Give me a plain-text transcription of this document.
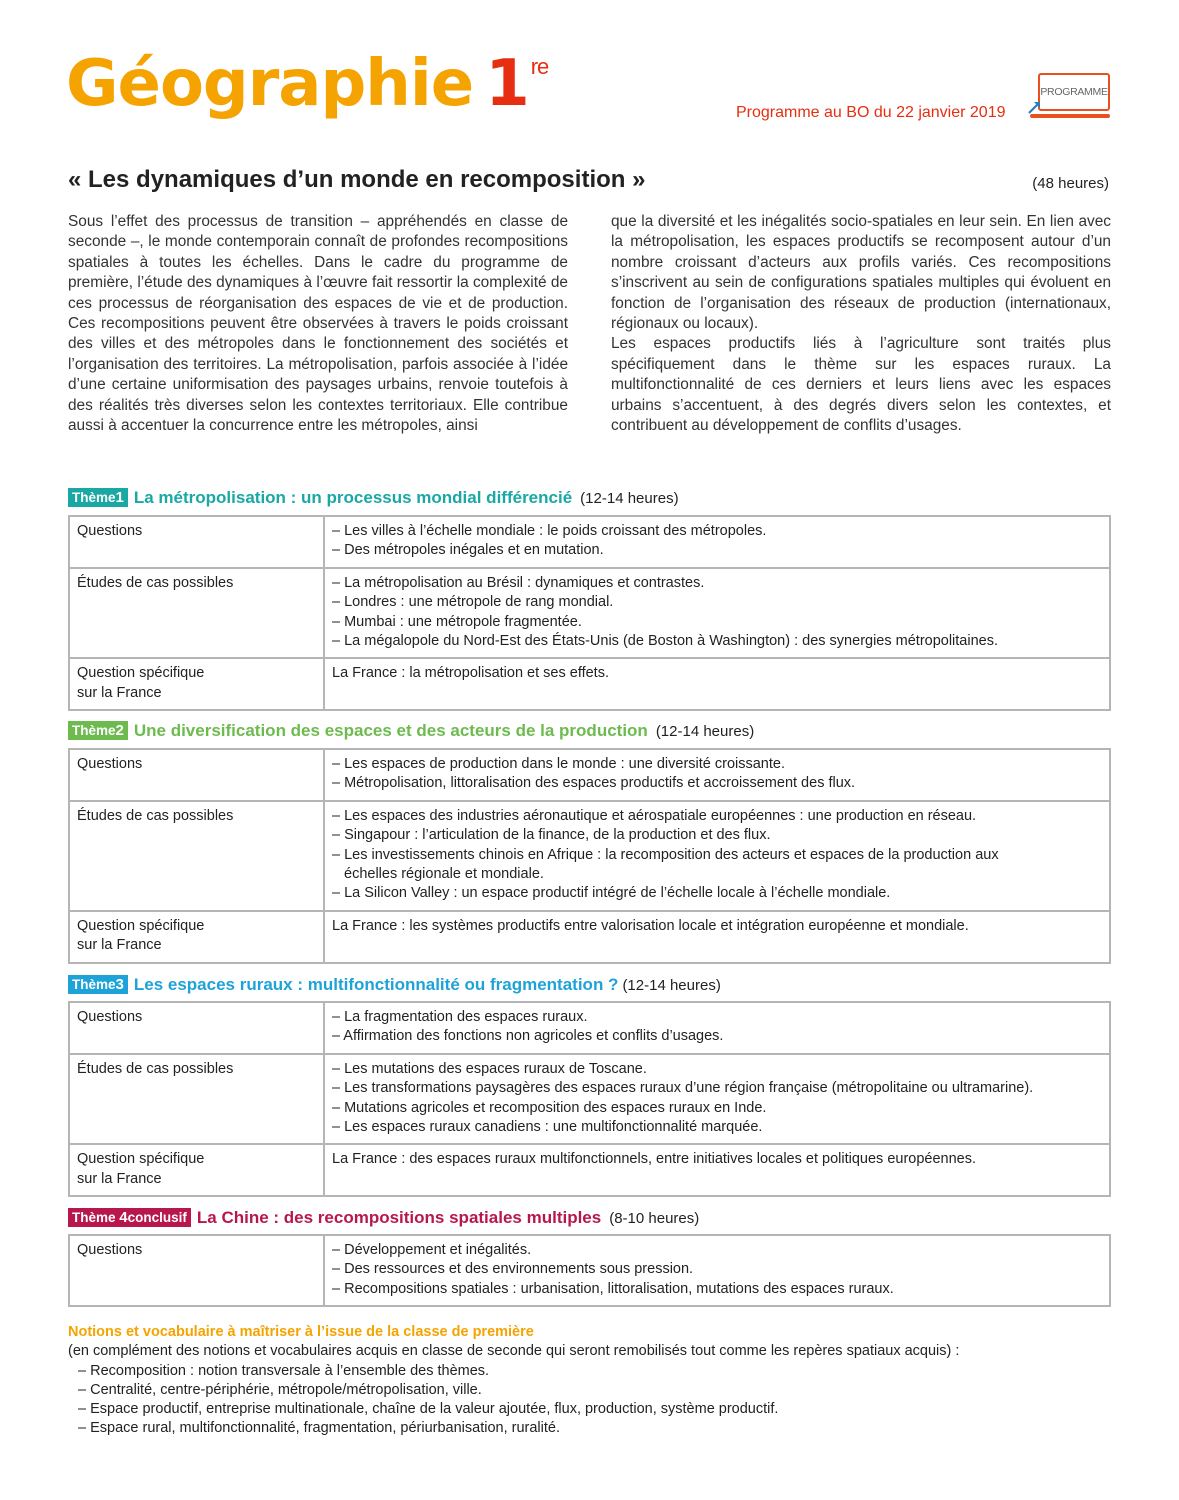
Géographie 1re
Programme au BO du 22 janvier 2019
PROGRAMME
« Les dynamiques d’un monde en recomposition »	(48 heures)

Sous l’effet des processus de transition – appréhendés en classe de seconde –, le monde contemporain connaît de profondes recompositions spatiales à toutes les échelles. Dans le cadre du programme de première, l’étude des dynamiques à l’œuvre fait ressortir la complexité de ces processus de réorganisation des espaces de vie et de production. Ces recompositions peuvent être observées à travers le poids croissant des villes et des métropoles dans le fonctionnement des sociétés et l’organisation des territoires. La métropolisation, parfois associée à l’idée d’une certaine uniformisation des paysages urbains, renvoie toutefois à des réalités très diverses selon les contextes territoriaux. Elle contribue aussi à accentuer la concurrence entre les métropoles, ainsi

que la diversité et les inégalités socio-spatiales en leur sein. En lien avec la métropolisation, les espaces productifs se recomposent autour d’un nombre croissant d’acteurs aux profils variés. Ces recompositions s’inscrivent au sein de configurations spatiales multiples qui évoluent en fonction de l’organisation des réseaux de production (internationaux, régionaux ou locaux).

Les espaces productifs liés à l’agriculture sont traités plus spécifiquement dans le thème sur les espaces ruraux. La multifonctionnalité de ces derniers et leurs liens avec les espaces urbains s’accentuent, à des degrés divers selon les contextes, et contribuent au développement de conflits d’usages.

Thème1 La métropolisation : un processus mondial différencié (12-14 heures)
Questions	– Les villes à l’échelle mondiale : le poids croissant des métropoles.
– Des métropoles inégales et en mutation.

Études de cas possibles	– La métropolisation au Brésil : dynamiques et contrastes.
– Londres : une métropole de rang mondial.
– Mumbai : une métropole fragmentée.
– La mégalopole du Nord-Est des États-Unis (de Boston à Washington) : des synergies métropolitaines.

Question spécifique
sur la France	La France : la métropolisation et ses effets.
Thème2 Une diversification des espaces et des acteurs de la production (12-14 heures)
Questions	– Les espaces de production dans le monde : une diversité croissante.
– Métropolisation, littoralisation des espaces productifs et accroissement des flux.

Études de cas possibles	– Les espaces des industries aéronautique et aérospatiale européennes : une production en réseau.
– Singapour : l’articulation de la finance, de la production et des flux.
– Les investissements chinois en Afrique : la recomposition des acteurs et espaces de la production aux échelles régionale et mondiale.
– La Silicon Valley : un espace productif intégré de l’échelle locale à l’échelle mondiale.

Question spécifique
sur la France	La France : les systèmes productifs entre valorisation locale et intégration européenne et mondiale.
Thème3 Les espaces ruraux : multifonctionnalité ou fragmentation ? (12-14 heures)
Questions	– La fragmentation des espaces ruraux.
– Affirmation des fonctions non agricoles et conflits d’usages.

Études de cas possibles	– Les mutations des espaces ruraux de Toscane.
– Les transformations paysagères des espaces ruraux d’une région française (métropolitaine ou ultramarine).
– Mutations agricoles et recomposition des espaces ruraux en Inde.
– Les espaces ruraux canadiens : une multifonctionnalité marquée.

Question spécifique
sur la France	La France : des espaces ruraux multifonctionnels, entre initiatives locales et politiques européennes.
Thème 4conclusif La Chine : des recompositions spatiales multiples (8-10 heures)
Questions	– Développement et inégalités.
– Des ressources et des environnements sous pression.
– Recompositions spatiales : urbanisation, littoralisation, mutations des espaces ruraux.
Notions et vocabulaire à maîtriser à l’issue de la classe de première
(en complément des notions et vocabulaires acquis en classe de seconde qui seront remobilisés tout comme les repères spatiaux acquis) :
– Recomposition : notion transversale à l’ensemble des thèmes.
– Centralité, centre-périphérie, métropole/métropolisation, ville.
– Espace productif, entreprise multinationale, chaîne de la valeur ajoutée, flux, production, système productif.
– Espace rural, multifonctionnalité, fragmentation, périurbanisation, ruralité.
